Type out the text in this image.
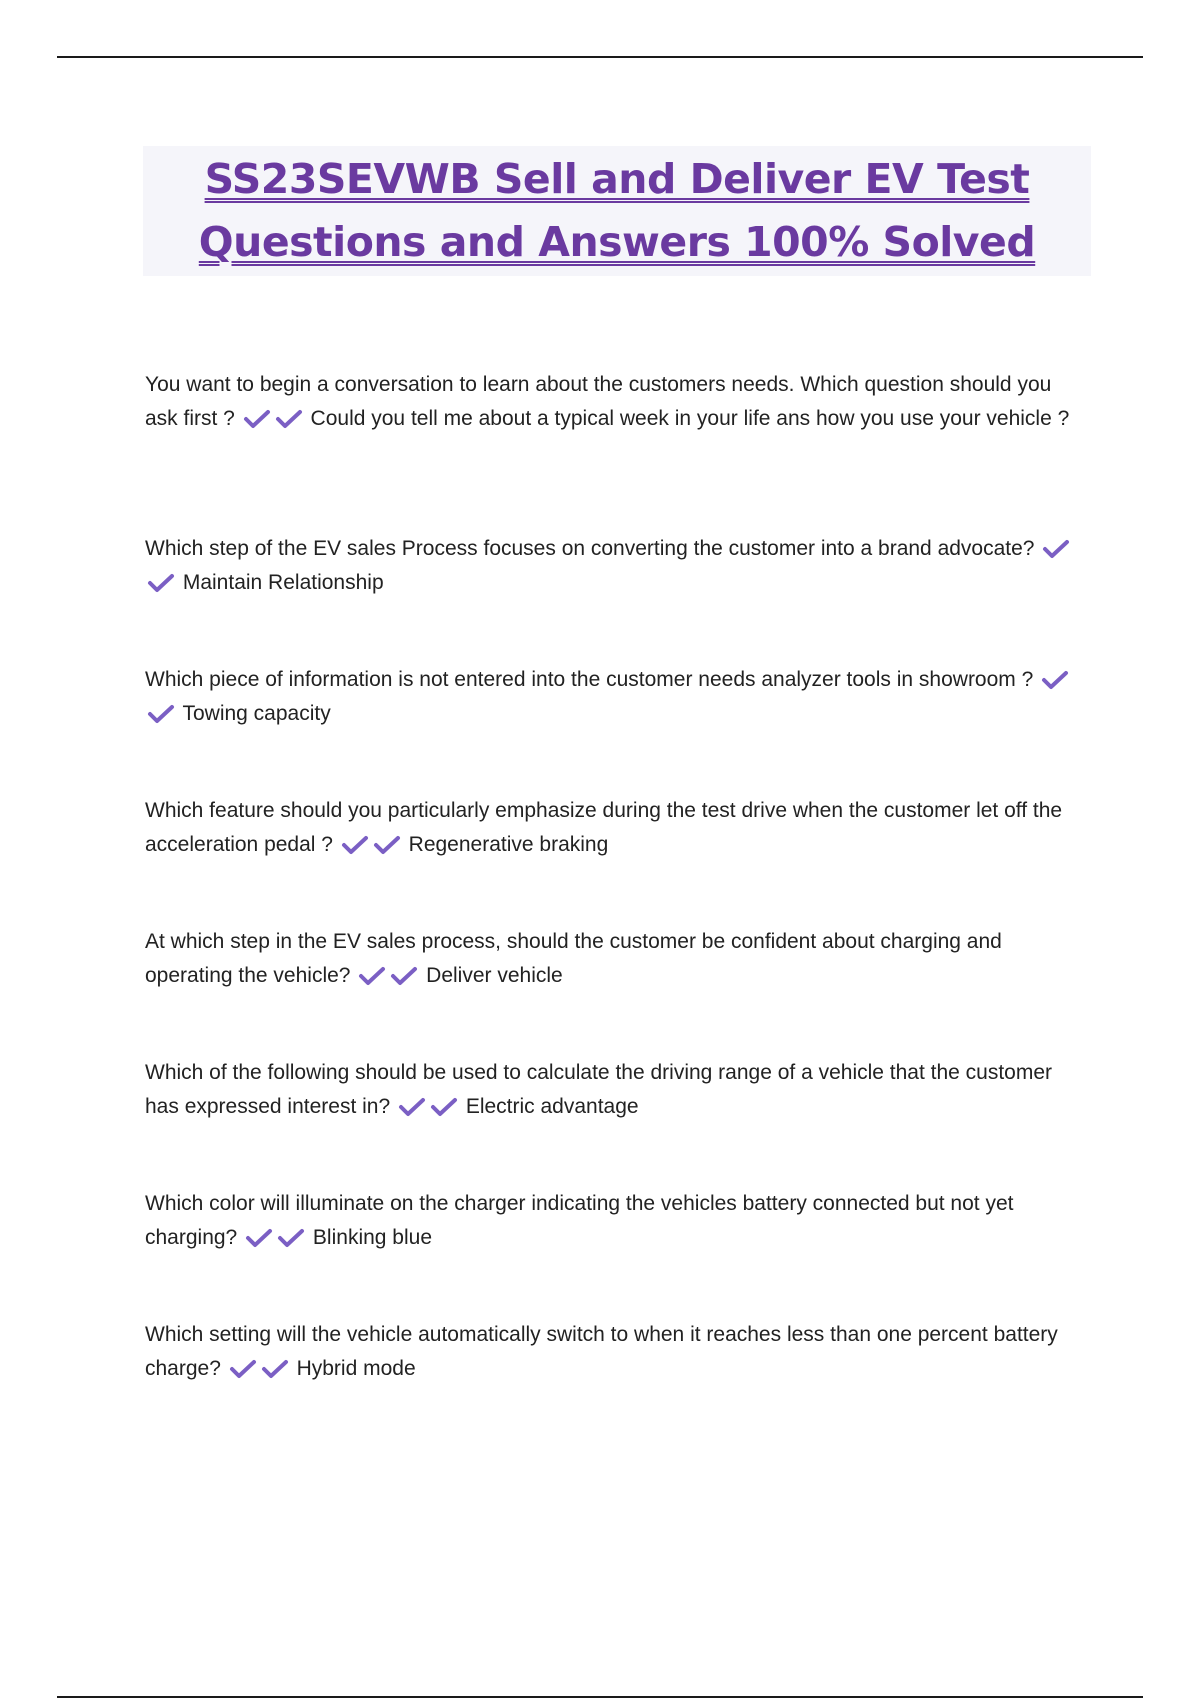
SS23SEVWB Sell and Deliver EV Test
Questions and Answers 100% Solved

You want to begin a conversation to learn about the customers needs. Which question should you ask first ?	Could you tell me about a typical week in your life ans how you use your vehicle ?

Which step of the EV sales Process focuses on converting the customer into a brand advocate?
Maintain Relationship

Which piece of information is not entered into the customer needs analyzer tools in showroom ?
Towing capacity

Which feature should you particularly emphasize during the test drive when the customer let off the acceleration pedal ?	Regenerative braking

At which step in the EV sales process, should the customer be confident about charging and operating the vehicle?	Deliver vehicle

Which of the following should be used to calculate the driving range of a vehicle that the customer has expressed interest in?	Electric advantage

Which color will illuminate on the charger indicating the vehicles battery connected but not yet charging?	Blinking blue

Which setting will the vehicle automatically switch to when it reaches less than one percent battery charge?	Hybrid mode
